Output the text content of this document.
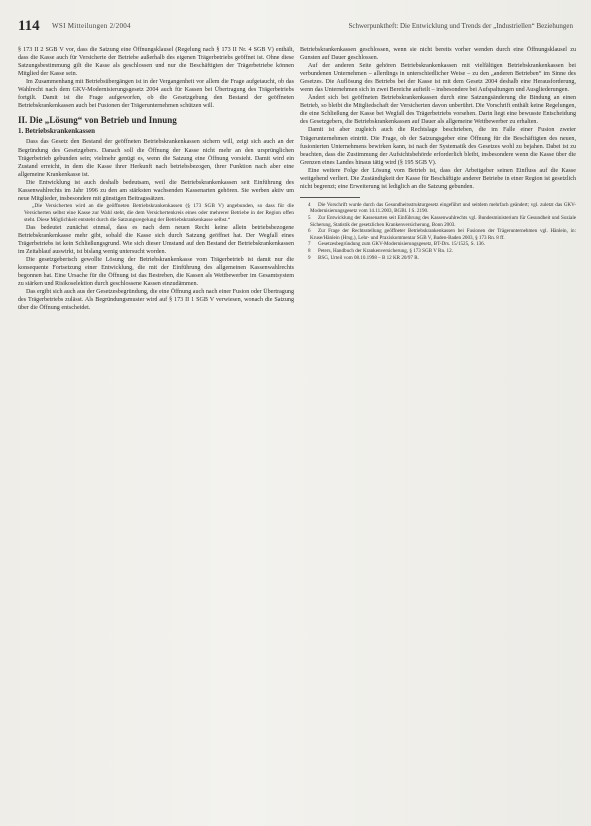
114 WSI Mitteilungen 2/2004	Schwerpunktheft: Die Entwicklung und Trends der „Industriellen“ Beziehungen

§ 173 II 2 SGB V vor, dass die Satzung eine Öffnungsklausel (Regelung nach § 173 II Nr. 4 SGB V) enthält, dass die Kasse auch für Versicherte der Betriebe außerhalb des eigenen Trägerbetriebs geöffnet ist. Ohne diese Satzungsbestimmung gilt die Kasse als geschlossen und nur die Beschäftigten der Trägerbetriebe können Mitglied der Kasse sein.

Im Zusammenhang mit Betriebsübergängen ist in der Vergangenheit vor allem die Frage aufgetaucht, ob das Wahlrecht nach dem GKV-Modernisierungsgesetz 2004 auch für Kassen bei Übertragung des Trägerbetriebs fortgilt. Damit ist die Frage aufgeworfen, ob die Gesetzgebung den Bestand der geöffneten Betriebskrankenkassen auch bei Fusionen der Trägerunternehmen schützen will.

II. Die „Lösung“ von Betrieb und Innung
1. Betriebskrankenkassen

Dass das Gesetz den Bestand der geöffneten Betriebskrankenkassen sichern will, zeigt sich auch an der Begründung des Gesetzgebers. Danach soll die Öffnung der Kasse nicht mehr an den ursprünglichen Trägerbetrieb gebunden sein; vielmehr genügt es, wenn die Satzung eine Öffnung vorsieht. Damit wird ein Zustand erreicht, in dem die Kasse ihrer Herkunft nach betriebsbezogen, ihrer Funktion nach aber eine allgemeine Krankenkasse ist.

Die Entwicklung ist auch deshalb bedeutsam, weil die Betriebskrankenkassen seit Einführung des Kassenwahlrechts im Jahr 1996 zu den am stärksten wachsenden Kassenarten gehören. Sie werben aktiv um neue Mitglieder, insbesondere mit günstigen Beitragssätzen.

„Die Versicherten wird an die geöffneten Betriebskrankenkassen (§ 173 SGB V) angebunden, so dass für die Versicherten selbst eine Kasse zur Wahl steht, die dem Versichertenkreis eines oder mehrerer Betriebe in der Region offen steht. Diese Möglichkeit entsteht durch die Satzungsregelung der Betriebskrankenkasse selbst.“

Das bedeutet zunächst einmal, dass es nach dem neuen Recht keine allein betriebsbezogene Betriebskrankenkasse mehr gibt, sobald die Kasse sich durch Satzung geöffnet hat. Der Wegfall eines Trägerbetriebs ist kein Schließungsgrund. Wie sich dieser Umstand auf den Bestand der Betriebskrankenkassen im Zeitablauf auswirkt, ist bislang wenig untersucht worden.

Die gesetzgeberisch gewollte Lösung der Betriebskrankenkasse vom Trägerbetrieb ist damit nur die konsequente Fortsetzung einer Entwicklung, die mit der Einführung des allgemeinen Kassenwahlrechts begonnen hat. Eine Ursache für die Öffnung ist das Bestreben, die Kassen als Wettbewerber im Gesamtsystem zu stärken und Risikoselektion durch geschlossene Kassen einzudämmen.

Das ergibt sich auch aus der Gesetzesbegründung, die eine Öffnung auch nach einer Fusion oder Übertragung des Trägerbetriebs zulässt. Als Begründungsmuster wird auf § 173 II 1 SGB V verwiesen, wonach die Satzung über die Öffnung entscheidet.

Betriebskrankenkassen geschlossen, wenn sie nicht bereits vorher wenden durch eine Öffnungsklausel zu Gunsten auf Dauer geschlossen.

Auf der anderen Seite gehören Betriebskrankenkassen mit vielfältigen Betriebskrankenkassen bei verbundenen Unternehmen – allerdings in unterschiedlicher Weise – zu den „anderen Betrieben“ im Sinne des Gesetzes. Die Auflösung des Betriebs bei der Kasse ist mit dem Gesetz 2004 deshalb eine Herausforderung, wenn das Unternehmen sich in zwei Bereiche aufteilt – insbesondere bei Aufspaltungen und Ausgliederungen.

Ändert sich bei geöffneten Betriebskrankenkassen durch eine Satzungsänderung die Bindung an einen Betrieb, so bleibt die Mitgliedschaft der Versicherten davon unberührt. Die Vorschrift enthält keine Regelungen, die eine Schließung der Kasse bei Wegfall des Trägerbetriebs vorsehen. Darin liegt eine bewusste Entscheidung des Gesetzgebers, die Betriebskrankenkassen auf Dauer als allgemeine Wettbewerber zu erhalten.

Damit ist aber zugleich auch die Rechtslage beschrieben, die im Falle einer Fusion zweier Trägerunternehmen eintritt. Die Frage, ob der Satzungsgeber eine Öffnung für die Beschäftigten des neuen, fusionierten Unternehmens bewirken kann, ist nach der Systematik des Gesetzes wohl zu bejahen. Dabei ist zu beachten, dass die Zustimmung der Aufsichtsbehörde erforderlich bleibt, insbesondere wenn die Kasse über die Grenzen eines Landes hinaus tätig wird (§ 195 SGB V).

Eine weitere Folge der Lösung vom Betrieb ist, dass der Arbeitgeber seinen Einfluss auf die Kasse weitgehend verliert. Die Zuständigkeit der Kasse für Beschäftigte anderer Betriebe in einer Region ist gesetzlich nicht begrenzt; eine Erweiterung ist lediglich an die Satzung gebunden.

4 Die Vorschrift wurde durch das Gesundheitsstrukturgesetz eingeführt und seitdem mehrfach geändert; vgl. zuletzt das GKV-Modernisierungsgesetz vom 14.11.2003, BGBl. I S. 2190.

5 Zur Entwicklung der Kassenarten seit Einführung des Kassenwahlrechts vgl. Bundesministerium für Gesundheit und Soziale Sicherung, Statistik der gesetzlichen Krankenversicherung, Bonn 2003.

6 Zur Frage der Rechtsstellung geöffneter Betriebskrankenkassen bei Fusionen der Trägerunternehmen vgl. Hänlein, in: Kruse/Hänlein (Hrsg.), Lehr- und Praxiskommentar SGB V, Baden-Baden 2003, § 173 Rn. 8 ff.

7 Gesetzesbegründung zum GKV-Modernisierungsgesetz, BT-Drs. 15/1525, S. 136.

8 Peters, Handbuch der Krankenversicherung, § 173 SGB V Rn. 12.

9 BSG, Urteil vom 08.10.1998 – B 12 KR 20/97 R.
